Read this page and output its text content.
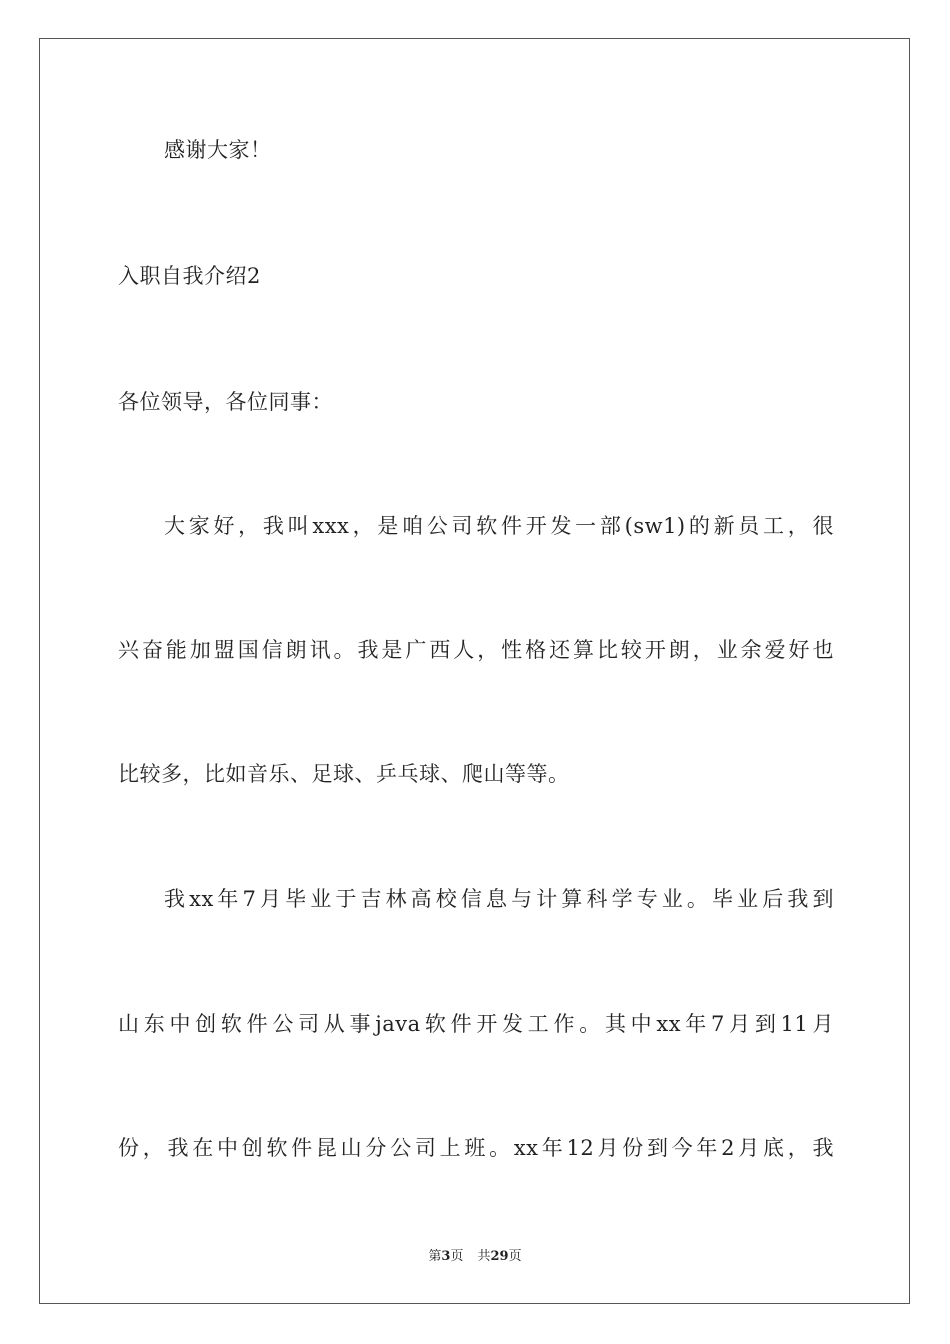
感谢大家！
入职自我介绍2
各位领导，各位同事：
大家好，我叫xxx，是咱公司软件开发一部(sw1)的新员工，很
兴奋能加盟国信朗讯。我是广西人，性格还算比较开朗，业余爱好也
比较多，比如音乐、足球、乒乓球、爬山等等。
我xx年7月毕业于吉林高校信息与计算科学专业。毕业后我到
山东中创软件公司从事java软件开发工作。其中xx年7月到11月
份，我在中创软件昆山分公司上班。xx年12月份到今年2月底，我
第3页 共29页
